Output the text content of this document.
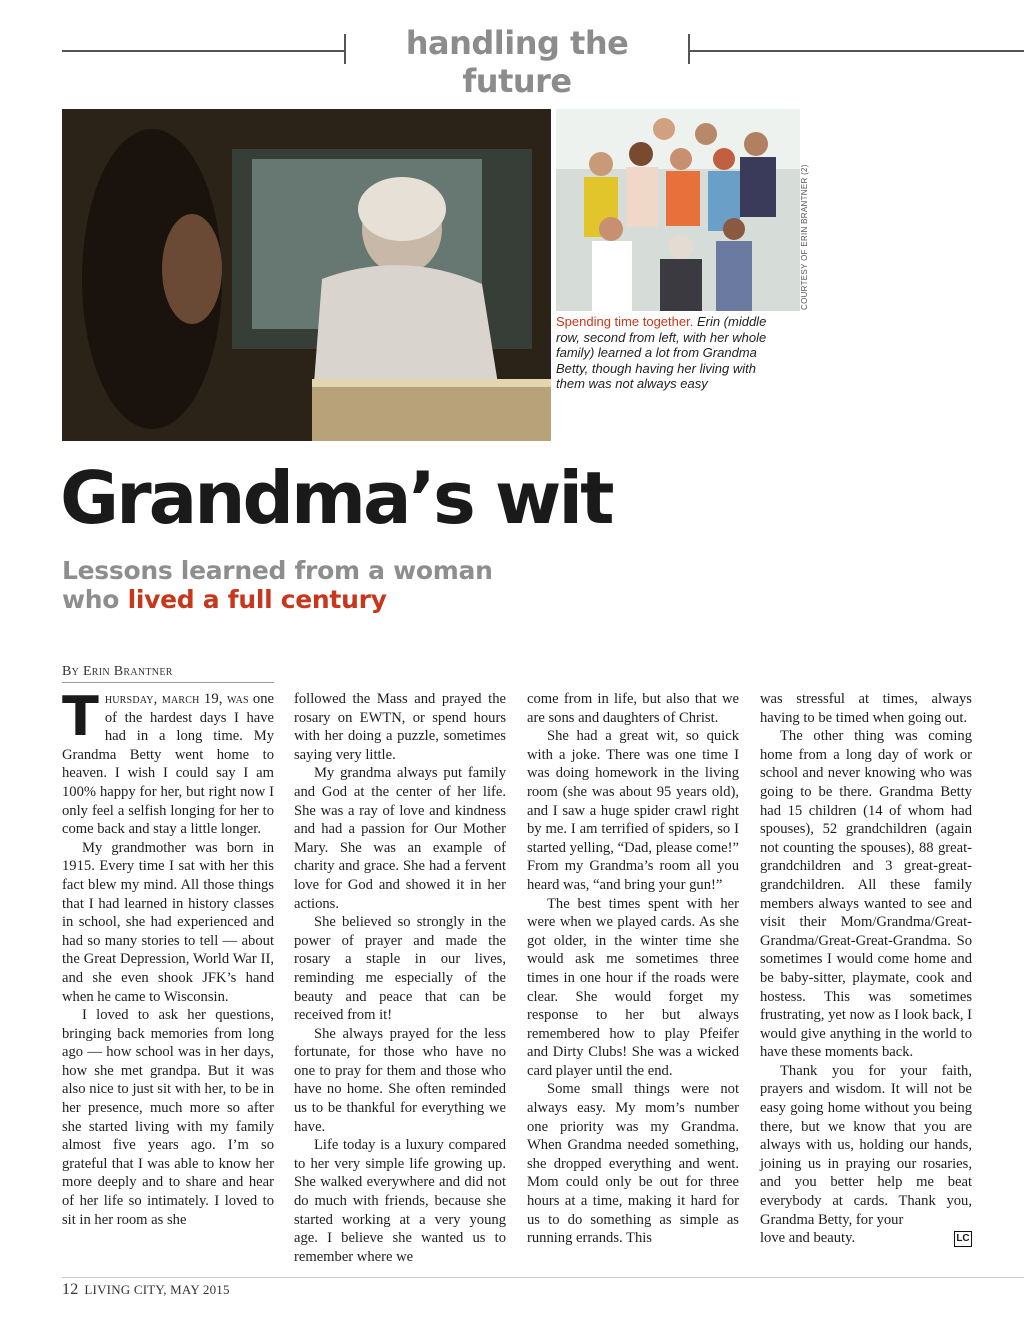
handling the future
COURTESY OF ERIN BRANTNER (2)
Spending time together. Erin (middle row, second from left, with her whole family) learned a lot from Grandma Betty, though having her living with them was not always easy
Grandma’s wit
Lessons learned from a woman
who lived a full century
By Erin Brantner

Thursday, march 19, was one of the hardest days I have had in a long time. My Grandma Betty went home to heaven. I wish I could say I am 100% happy for her, but right now I only feel a selfish longing for her to come back and stay a little longer.

My grandmother was born in 1915. Every time I sat with her this fact blew my mind. All those things that I had learned in history classes in school, she had experienced and had so many stories to tell — about the Great Depression, World War II, and she even shook JFK’s hand when he came to Wisconsin.

I loved to ask her questions, bringing back memories from long ago — how school was in her days, how she met grandpa. But it was also nice to just sit with her, to be in her presence, much more so after she started living with my family almost five years ago. I’m so grateful that I was able to know her more deeply and to share and hear of her life so intimately. I loved to sit in her room as she

followed the Mass and prayed the rosary on EWTN, or spend hours with her doing a puzzle, sometimes saying very little.

My grandma always put family and God at the center of her life. She was a ray of love and kindness and had a passion for Our Mother Mary. She was an example of charity and grace. She had a fervent love for God and showed it in her actions.

She believed so strongly in the power of prayer and made the rosary a staple in our lives, reminding me especially of the beauty and peace that can be received from it!

She always prayed for the less fortunate, for those who have no one to pray for them and those who have no home. She often reminded us to be thankful for everything we have.

Life today is a luxury compared to her very simple life growing up. She walked everywhere and did not do much with friends, because she started working at a very young age. I believe she wanted us to remember where we

come from in life, but also that we are sons and daughters of Christ.

She had a great wit, so quick with a joke. There was one time I was doing homework in the living room (she was about 95 years old), and I saw a huge spider crawl right by me. I am terrified of spiders, so I started yelling, “Dad, please come!” From my Grandma’s room all you heard was, “and bring your gun!”

The best times spent with her were when we played cards. As she got older, in the winter time she would ask me sometimes three times in one hour if the roads were clear. She would forget my response to her but always remembered how to play Pfeifer and Dirty Clubs! She was a wicked card player until the end.

Some small things were not always easy. My mom’s number one priority was my Grandma. When Grandma needed something, she dropped everything and went. Mom could only be out for three hours at a time, making it hard for us to do something as simple as running errands. This

was stressful at times, always having to be timed when going out.

The other thing was coming home from a long day of work or school and never knowing who was going to be there. Grandma Betty had 15 children (14 of whom had spouses), 52 grandchildren (again not counting the spouses), 88 great-grandchildren and 3 great-great-grandchildren. All these family members always wanted to see and visit their Mom/Grandma/Great-Grandma/Great-Great-Grandma. So sometimes I would come home and be baby-sitter, playmate, cook and hostess. This was sometimes frustrating, yet now as I look back, I would give anything in the world to have these moments back.

Thank you for your faith, prayers and wisdom. It will not be easy going home without you being there, but we know that you are always with us, holding our hands, joining us in praying our rosaries, and you better help me beat everybody at cards. Thank you, Grandma Betty, for your

love and beauty.	LC
12 LIVING CITY, MAY 2015
